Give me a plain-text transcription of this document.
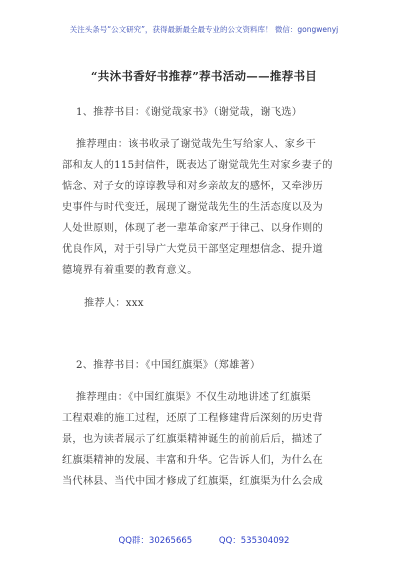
关注头条号“公文研究”，获得最新最全最专业的公文资料库！ 微信：gongwenyj
“共沐书香好书推荐”荐书活动——推荐书目
1、推荐书目：《谢觉哉家书》（谢觉哉，谢飞选）
推荐理由：该书收录了谢觉哉先生写给家人、家乡干
部和友人的115封信件，既表达了谢觉哉先生对家乡妻子的
惦念、对子女的谆谆教导和对乡亲故友的感怀，又牵涉历
史事件与时代变迁，展现了谢觉哉先生的生活态度以及为
人处世原则，体现了老一辈革命家严于律己、以身作则的
优良作风，对于引导广大党员干部坚定理想信念、提升道
德境界有着重要的教育意义。
推荐人：xxx
2、推荐书目：《中国红旗渠》（郑雄著）
推荐理由：《中国红旗渠》不仅生动地讲述了红旗渠
工程艰难的施工过程，还原了工程修建背后深刻的历史背
景，也为读者展示了红旗渠精神诞生的前前后后，描述了
红旗渠精神的发展、丰富和升华。它告诉人们，为什么在
当代林县、当代中国才修成了红旗渠，红旗渠为什么会成
QQ群：30265665	QQ：535304092
